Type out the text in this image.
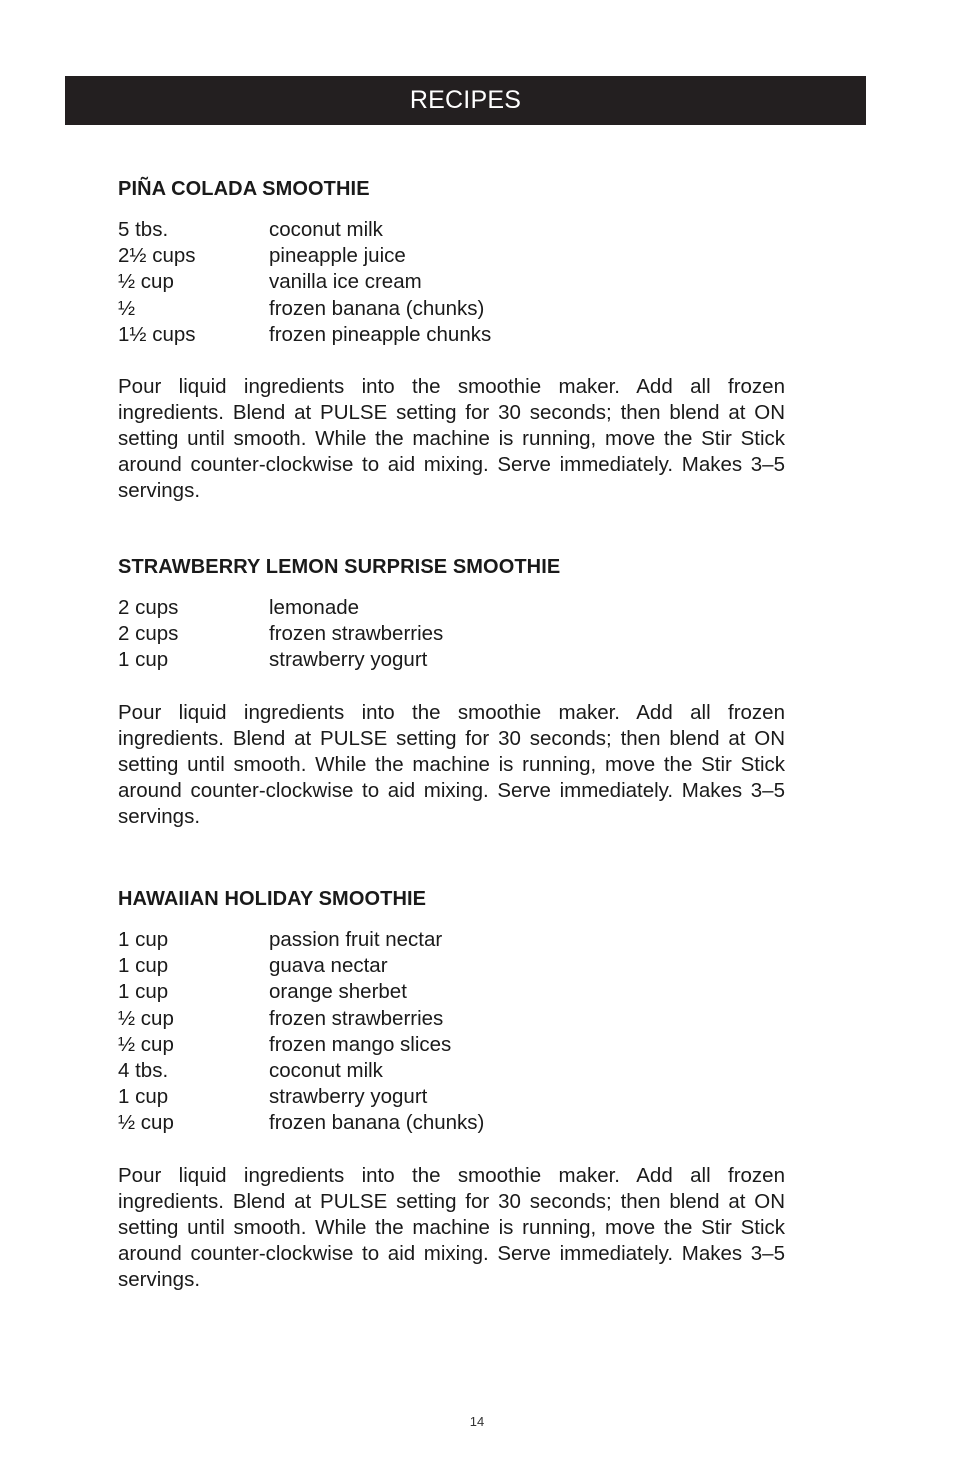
RECIPES
PIÑA COLADA SMOOTHIE
5 tbs.	coconut milk
2½ cups	pineapple juice
½ cup	vanilla ice cream
½	frozen banana (chunks)
1½ cups	frozen pineapple chunks

Pour liquid ingredients into the smoothie maker. Add all frozen ingredients. Blend at PULSE setting for 30 seconds; then blend at ON setting until smooth. While the machine is running, move the Stir Stick around counter-clockwise to aid mixing. Serve immediately. Makes 3–5 servings.

STRAWBERRY LEMON SURPRISE SMOOTHIE
2 cups	lemonade
2 cups	frozen strawberries
1 cup	strawberry yogurt

Pour liquid ingredients into the smoothie maker. Add all frozen ingredients. Blend at PULSE setting for 30 seconds; then blend at ON setting until smooth. While the machine is running, move the Stir Stick around counter-clockwise to aid mixing. Serve immediately. Makes 3–5 servings.

HAWAIIAN HOLIDAY SMOOTHIE
1 cup	passion fruit nectar
1 cup	guava nectar
1 cup	orange sherbet
½ cup	frozen strawberries
½ cup	frozen mango slices
4 tbs.	coconut milk
1 cup	strawberry yogurt
½ cup	frozen banana (chunks)

Pour liquid ingredients into the smoothie maker. Add all frozen ingredients. Blend at PULSE setting for 30 seconds; then blend at ON setting until smooth. While the machine is running, move the Stir Stick around counter-clockwise to aid mixing. Serve immediately. Makes 3–5 servings.

14
